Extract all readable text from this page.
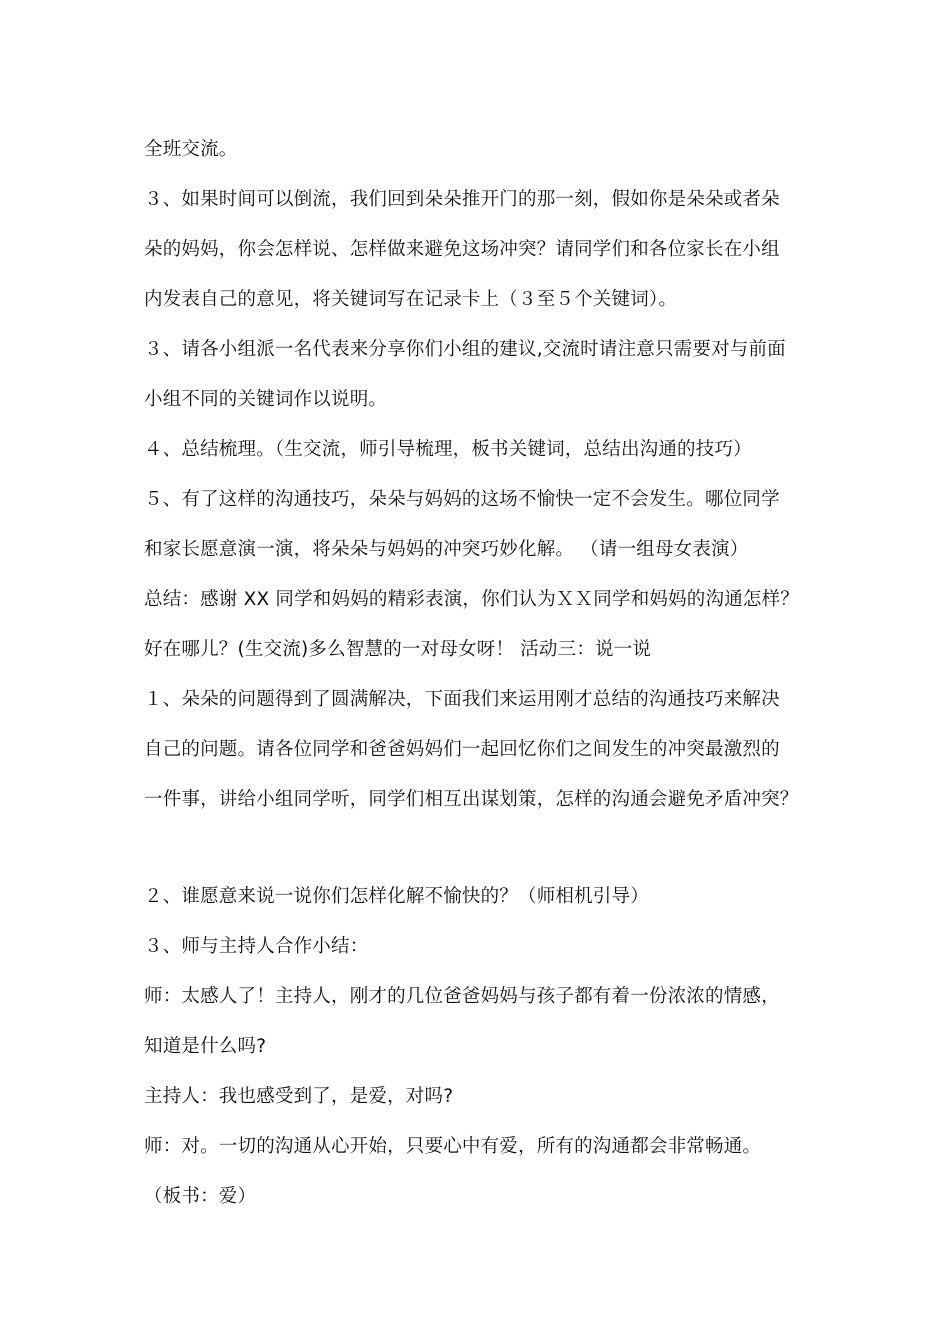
全班交流。
３、如果时间可以倒流，我们回到朵朵推开门的那一刻，假如你是朵朵或者朵
朵的妈妈，你会怎样说、怎样做来避免这场冲突？请同学们和各位家长在小组
内发表自己的意见，将关键词写在记录卡上（３至５个关键词）。
３、请各小组派一名代表来分享你们小组的建议,交流时请注意只需要对与前面
小组不同的关键词作以说明。
４、总结梳理。（生交流，师引导梳理，板书关键词，总结出沟通的技巧）
５、有了这样的沟通技巧，朵朵与妈妈的这场不愉快一定不会发生。哪位同学
和家长愿意演一演，将朵朵与妈妈的冲突巧妙化解。 （请一组母女表演）
总结：感谢 XX 同学和妈妈的精彩表演，你们认为ＸＸ同学和妈妈的沟通怎样？
好在哪儿？(生交流)多么智慧的一对母女呀！ 活动三：说一说
１、朵朵的问题得到了圆满解决，下面我们来运用刚才总结的沟通技巧来解决
自己的问题。请各位同学和爸爸妈妈们一起回忆你们之间发生的冲突最激烈的
一件事，讲给小组同学听，同学们相互出谋划策，怎样的沟通会避免矛盾冲突？
２、谁愿意来说一说你们怎样化解不愉快的？（师相机引导）
３、师与主持人合作小结：
师：太感人了！主持人，刚才的几位爸爸妈妈与孩子都有着一份浓浓的情感，
知道是什么吗?
主持人：我也感受到了，是爱，对吗?
师：对。一切的沟通从心开始，只要心中有爱，所有的沟通都会非常畅通。
（板书：爱）
